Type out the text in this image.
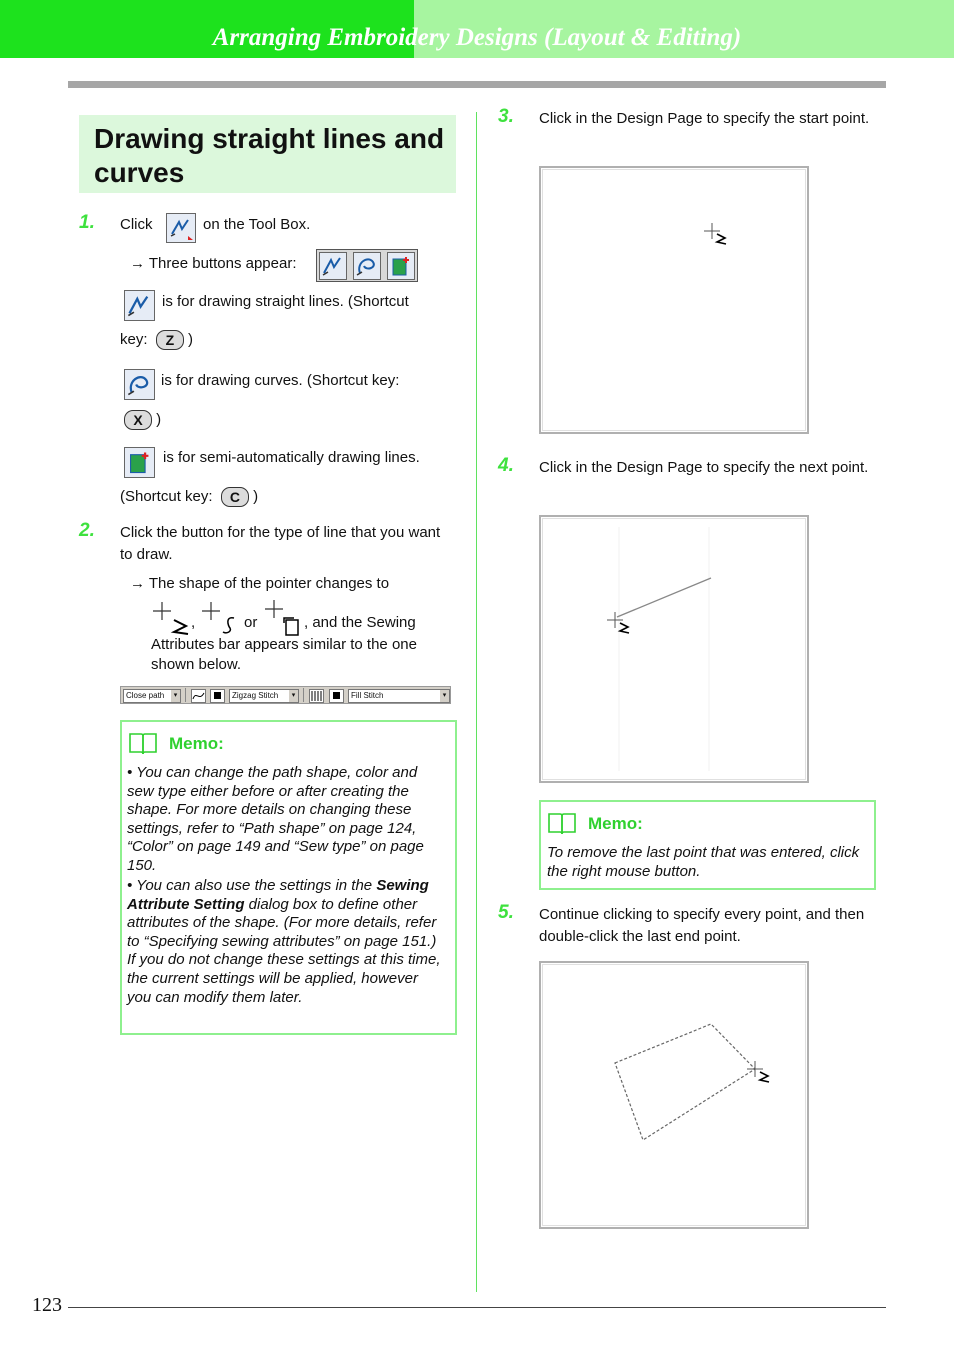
Arranging Embroidery Designs (Layout & Editing)
Drawing straight lines and curves
1. Click	on the Tool Box.
→ Three buttons appear:
is for drawing straight lines. (Shortcut
key: Z )
is for drawing curves. (Shortcut key:
X )
is for semi-automatically drawing lines.
(Shortcut key: C )
2. Click the button for the type of line that you want to draw.
→ The shape of the pointer changes to
,	or	, and the Sewing
Attributes bar appears similar to the one
shown below.
Close path	▾	Zigzag Stitch	▾	Fill Stitch	▾
Memo:
• You can change the path shape, color and sew type either before or after creating the shape. For more details on changing these settings, refer to “Path shape” on page 124, “Color” on page 149 and “Sew type” on page 150.
• You can also use the settings in the Sewing Attribute Setting dialog box to define other attributes of the shape. (For more details, refer to “Specifying sewing attributes” on page 151.) If you do not change these settings at this time, the current settings will be applied, however you can modify them later.
3. Click in the Design Page to specify the start point.
4. Click in the Design Page to specify the next point.
Memo:
To remove the last point that was entered, click the right mouse button.
5. Continue clicking to specify every point, and then double-click the last end point.
123
